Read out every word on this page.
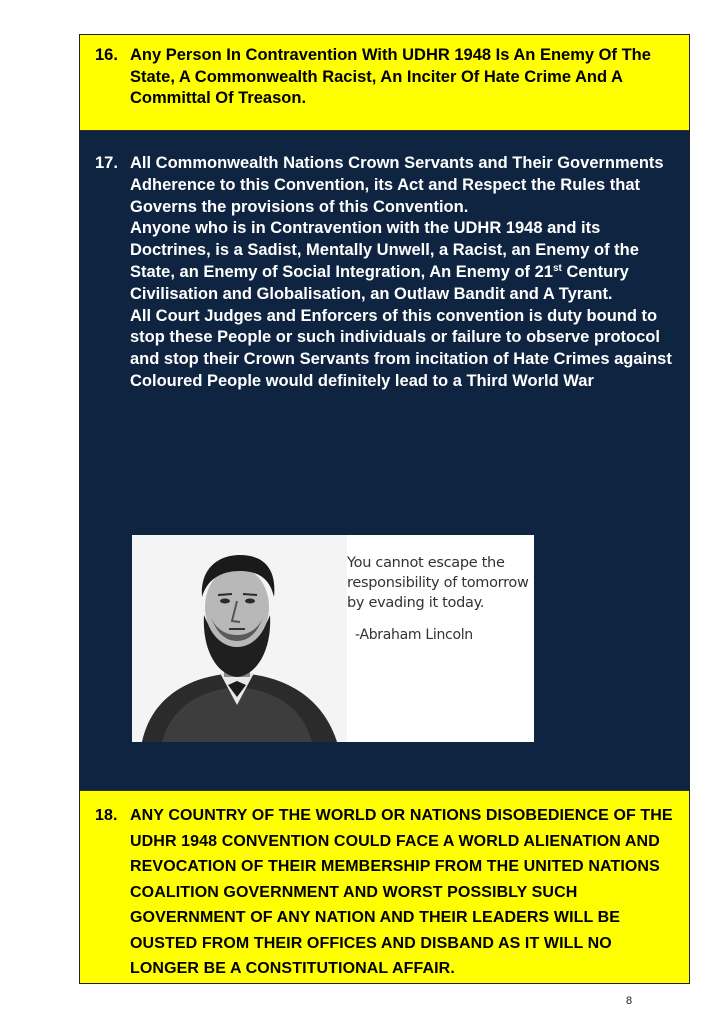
16. Any Person In Contravention With UDHR 1948 Is An Enemy Of The State, A Commonwealth Racist, An Inciter Of Hate Crime And A Committal Of Treason.
17. All Commonwealth Nations Crown Servants and Their Governments Adherence to this Convention, its Act and Respect the Rules that Governs the provisions of this Convention.

Anyone who is in Contravention with the UDHR 1948 and its Doctrines, is a Sadist, Mentally Unwell, a Racist, an Enemy of the State, an Enemy of Social Integration, An Enemy of 21st Century Civilisation and Globalisation, an Outlaw Bandit and A Tyrant.

All Court Judges and Enforcers of this convention is duty bound to stop these People or such individuals or failure to observe protocol and stop their Crown Servants from incitation of Hate Crimes against Coloured People would definitely lead to a Third World War

You cannot escape the responsibility of tomorrow by evading it today.
-Abraham Lincoln
18. ANY COUNTRY OF THE WORLD OR NATIONS DISOBEDIENCE OF THE UDHR 1948 CONVENTION COULD FACE A WORLD ALIENATION AND REVOCATION OF THEIR MEMBERSHIP FROM THE UNITED NATIONS COALITION GOVERNMENT AND WORST POSSIBLY SUCH GOVERNMENT OF ANY NATION AND THEIR LEADERS WILL BE OUSTED FROM THEIR OFFICES AND DISBAND AS IT WILL NO LONGER BE A CONSTITUTIONAL AFFAIR.
8
